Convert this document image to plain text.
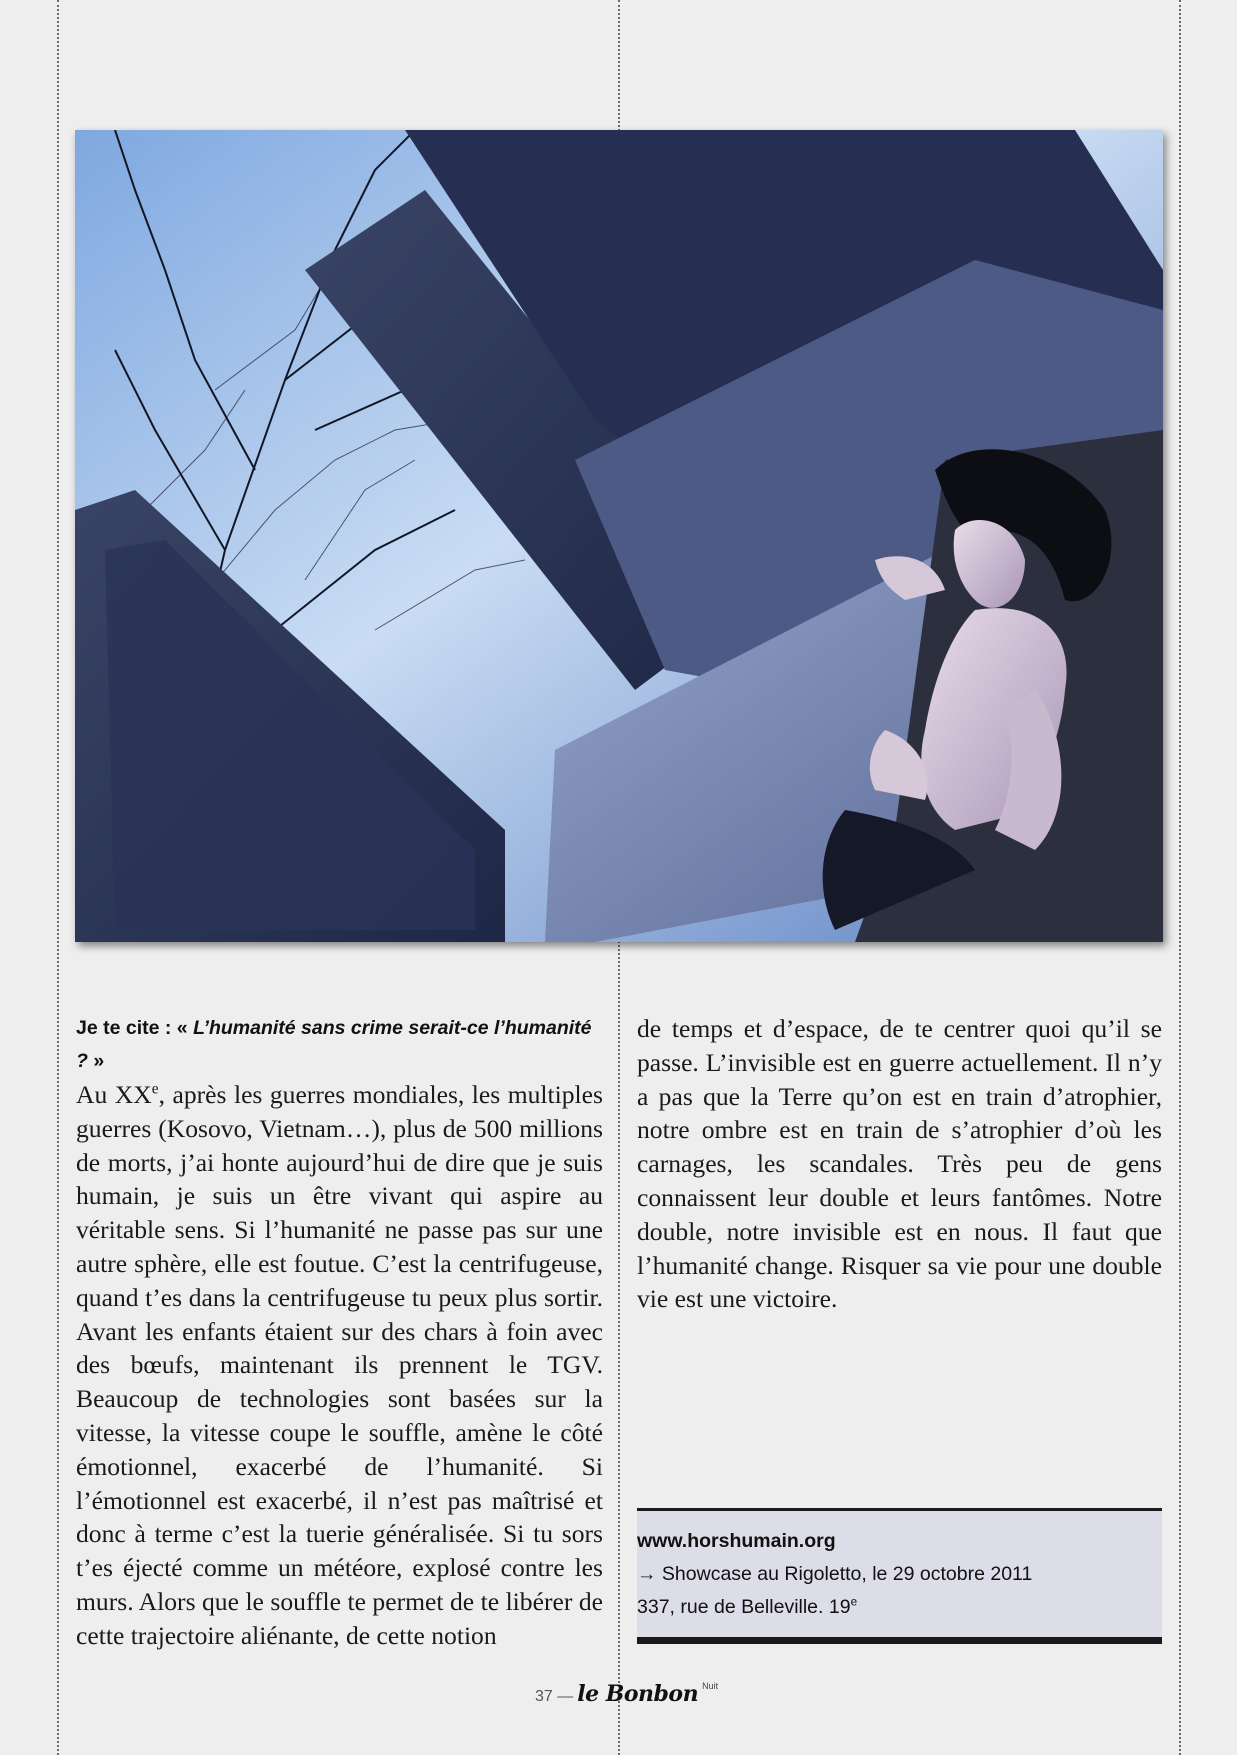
Je te cite : « L’humanité sans crime serait-ce l’humanité ? »

Au XXe, après les guerres mondiales, les multiples guerres (Kosovo, Vietnam…), plus de 500 millions de morts, j’ai honte aujourd’hui de dire que je suis humain, je suis un être vivant qui aspire au véritable sens. Si l’humanité ne passe pas sur une autre sphère, elle est foutue. C’est la centrifugeuse, quand t’es dans la centrifugeuse tu peux plus sortir. Avant les enfants étaient sur des chars à foin avec des bœufs, maintenant ils prennent le TGV. Beaucoup de technologies sont basées sur la vitesse, la vitesse coupe le souffle, amène le côté émotionnel, exacerbé de l’humanité. Si l’émotionnel est exacerbé, il n’est pas maîtrisé et donc à terme c’est la tuerie généralisée. Si tu sors t’es éjecté comme un météore, explosé contre les murs. Alors que le souffle te permet de te libérer de cette trajectoire aliénante, de cette notion

de temps et d’espace, de te centrer quoi qu’il se passe. L’invisible est en guerre actuellement. Il n’y a pas que la Terre qu’on est en train d’atrophier, notre ombre est en train de s’atrophier d’où les carnages, les scandales. Très peu de gens connaissent leur double et leurs fantômes. Notre double, notre invisible est en nous. Il faut que l’humanité change. Risquer sa vie pour une double vie est une victoire.

www.horshumain.org
→ Showcase au Rigoletto, le 29 octobre 2011
337, rue de Belleville. 19e
37 — le Bonbon Nuit
